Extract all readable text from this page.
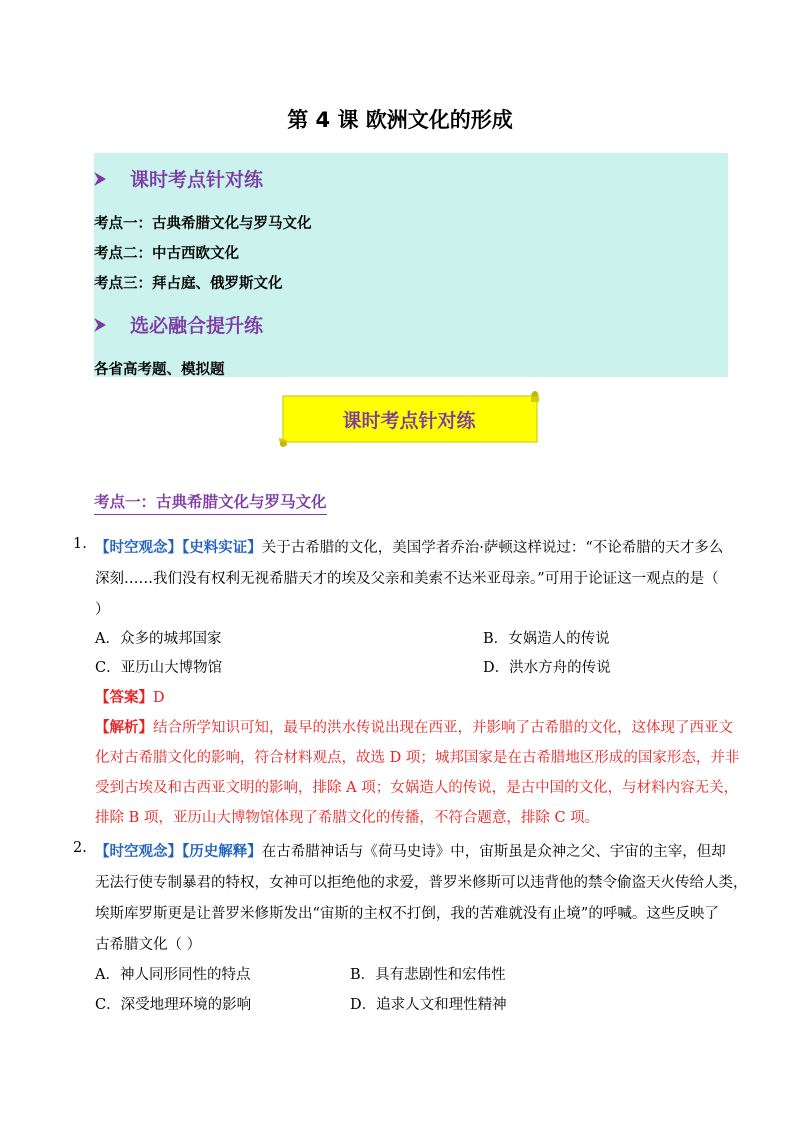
第 4 课 欧洲文化的形成
课时考点针对练
考点一：古典希腊文化与罗马文化
考点二：中古西欧文化
考点三：拜占庭、俄罗斯文化
选必融合提升练
各省高考题、模拟题
课时考点针对练
考点一：古典希腊文化与罗马文化
1. 【时空观念】【史料实证】关于古希腊的文化，美国学者乔治·萨顿这样说过：“不论希腊的天才多么
深刻……我们没有权利无视希腊天才的埃及父亲和美索不达米亚母亲。”可用于论证这一观点的是（
）
A．众多的城邦国家	B．女娲造人的传说
C．亚历山大博物馆	D．洪水方舟的传说
【答案】D
【解析】结合所学知识可知，最早的洪水传说出现在西亚，并影响了古希腊的文化，这体现了西亚文
化对古希腊文化的影响，符合材料观点，故选 D 项；城邦国家是在古希腊地区形成的国家形态，并非
受到古埃及和古西亚文明的影响，排除 A 项；女娲造人的传说，是古中国的文化，与材料内容无关，
排除 B 项，亚历山大博物馆体现了希腊文化的传播，不符合题意，排除 C 项。
2. 【时空观念】【历史解释】在古希腊神话与《荷马史诗》中，宙斯虽是众神之父、宇宙的主宰，但却
无法行使专制暴君的特权，女神可以拒绝他的求爱，普罗米修斯可以违背他的禁令偷盗天火传给人类，
埃斯库罗斯更是让普罗米修斯发出“宙斯的主权不打倒，我的苦难就没有止境”的呼喊。这些反映了
古希腊文化（ ）
A．神人同形同性的特点	B．具有悲剧性和宏伟性
C．深受地理环境的影响	D．追求人文和理性精神
